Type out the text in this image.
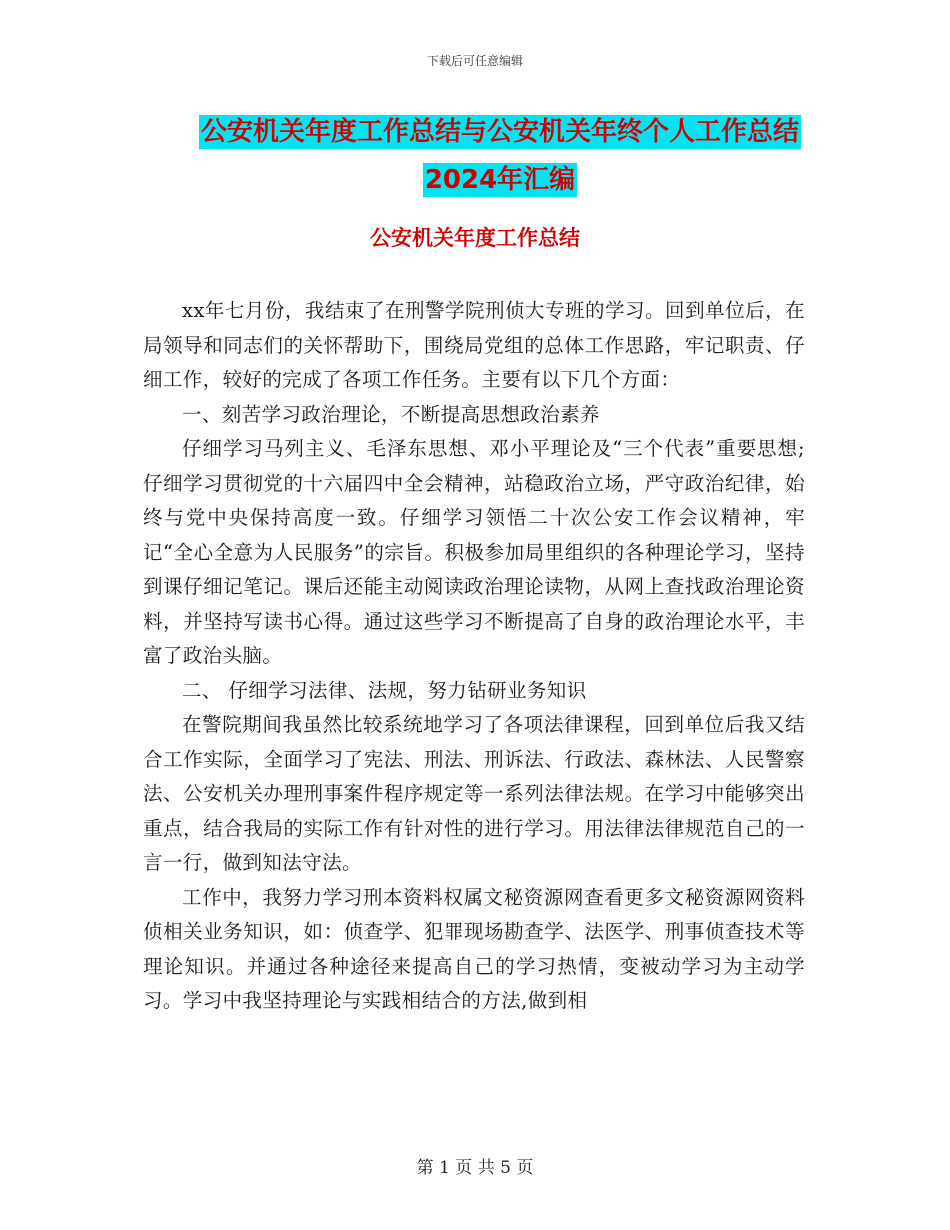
下载后可任意编辑
公安机关年度工作总结与公安机关年终个人工作总结
2024年汇编
公安机关年度工作总结

xx年七月份，我结束了在刑警学院刑侦大专班的学习。回到单位后，在局领导和同志们的关怀帮助下，围绕局党组的总体工作思路，牢记职责、仔细工作，较好的完成了各项工作任务。主要有以下几个方面：

一、刻苦学习政治理论，不断提高思想政治素养

仔细学习马列主义、毛泽东思想、邓小平理论及“三个代表”重要思想;仔细学习贯彻党的十六届四中全会精神，站稳政治立场，严守政治纪律，始终与党中央保持高度一致。仔细学习领悟二十次公安工作会议精神，牢记“全心全意为人民服务”的宗旨。积极参加局里组织的各种理论学习，坚持到课仔细记笔记。课后还能主动阅读政治理论读物，从网上查找政治理论资料，并坚持写读书心得。通过这些学习不断提高了自身的政治理论水平，丰富了政治头脑。

二、 仔细学习法律、法规，努力钻研业务知识

在警院期间我虽然比较系统地学习了各项法律课程，回到单位后我又结合工作实际，全面学习了宪法、刑法、刑诉法、行政法、森林法、人民警察法、公安机关办理刑事案件程序规定等一系列法律法规。在学习中能够突出重点，结合我局的实际工作有针对性的进行学习。用法律法律规范自己的一言一行，做到知法守法。

工作中，我努力学习刑本资料权属文秘资源网查看更多文秘资源网资料侦相关业务知识，如：侦查学、犯罪现场勘查学、法医学、刑事侦查技术等理论知识。并通过各种途径来提高自己的学习热情，变被动学习为主动学习。学习中我坚持理论与实践相结合的方法,做到相

第 1 页 共 5 页
